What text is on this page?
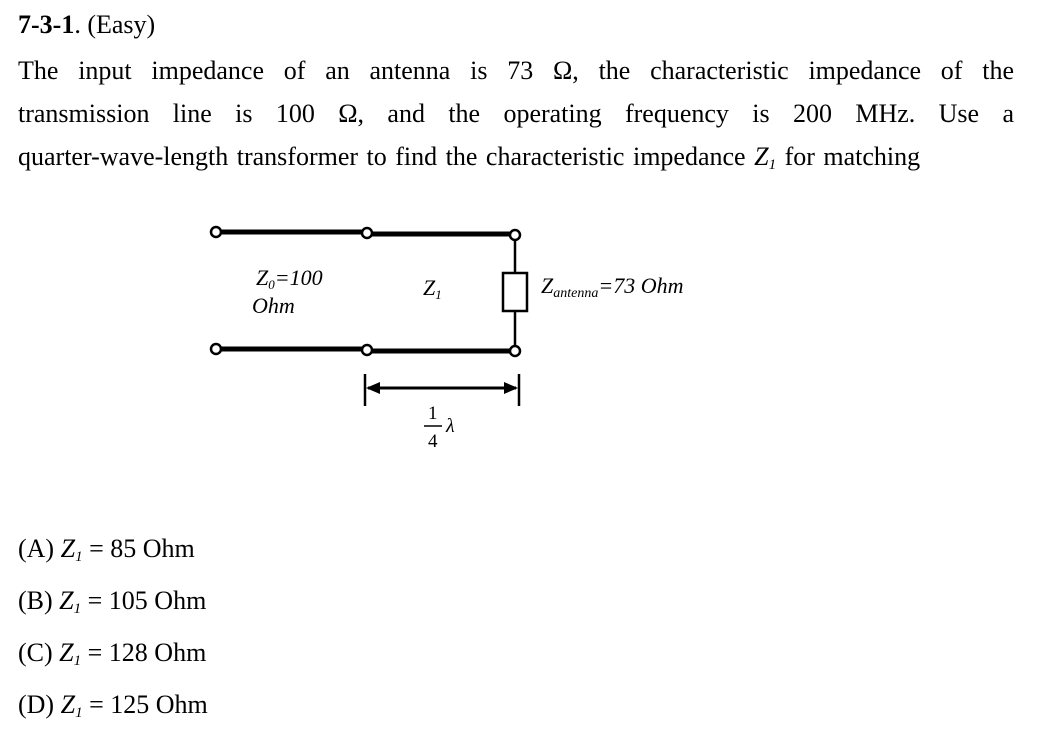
7-3-1. (Easy)
The input impedance of an antenna is 73 Ω, the characteristic impedance of the
transmission line is 100 Ω, and the operating frequency is 200 MHz. Use a
quarter-wave-length transformer to find the characteristic impedance $Z_1$ for matching
Z0=100
Ohm
Z1	Zantenna=73 Ohm
1
4
λ
(A) $Z_1 = 85$ Ohm
(B) $Z_1 = 105$ Ohm
(C) $Z_1 = 128$ Ohm
(D) $Z_1 = 125$ Ohm
